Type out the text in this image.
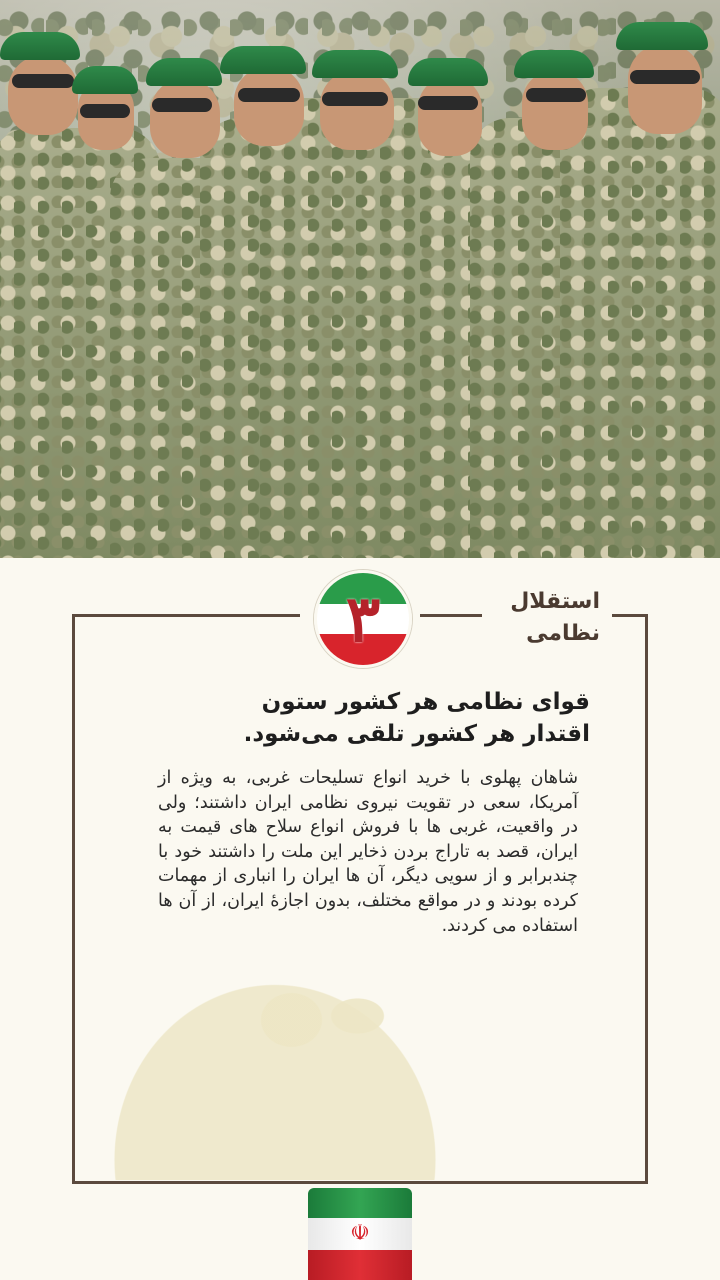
۳	استقلال
نظامی
قوای نظامی هر کشور ستون
اقتدار هر کشور تلقی می‌شود.
شاهان پهلوی با خرید انواع تسلیحات غربی، به ویژه از آمریکا، سعی در تقویت نیروی نظامی ایران داشتند؛ ولی در واقعیت، غربی ها با فروش انواع سلاح های قیمت به ایران، قصد به تاراج بردن ذخایر این ملت را داشتند خود با چندبرابر و از سویی دیگر، آن ها ایران را انباری از مهمات کرده بودند و در مواقع مختلف، بدون اجازهٔ ایران، از آن ها استفاده می کردند.
☫
